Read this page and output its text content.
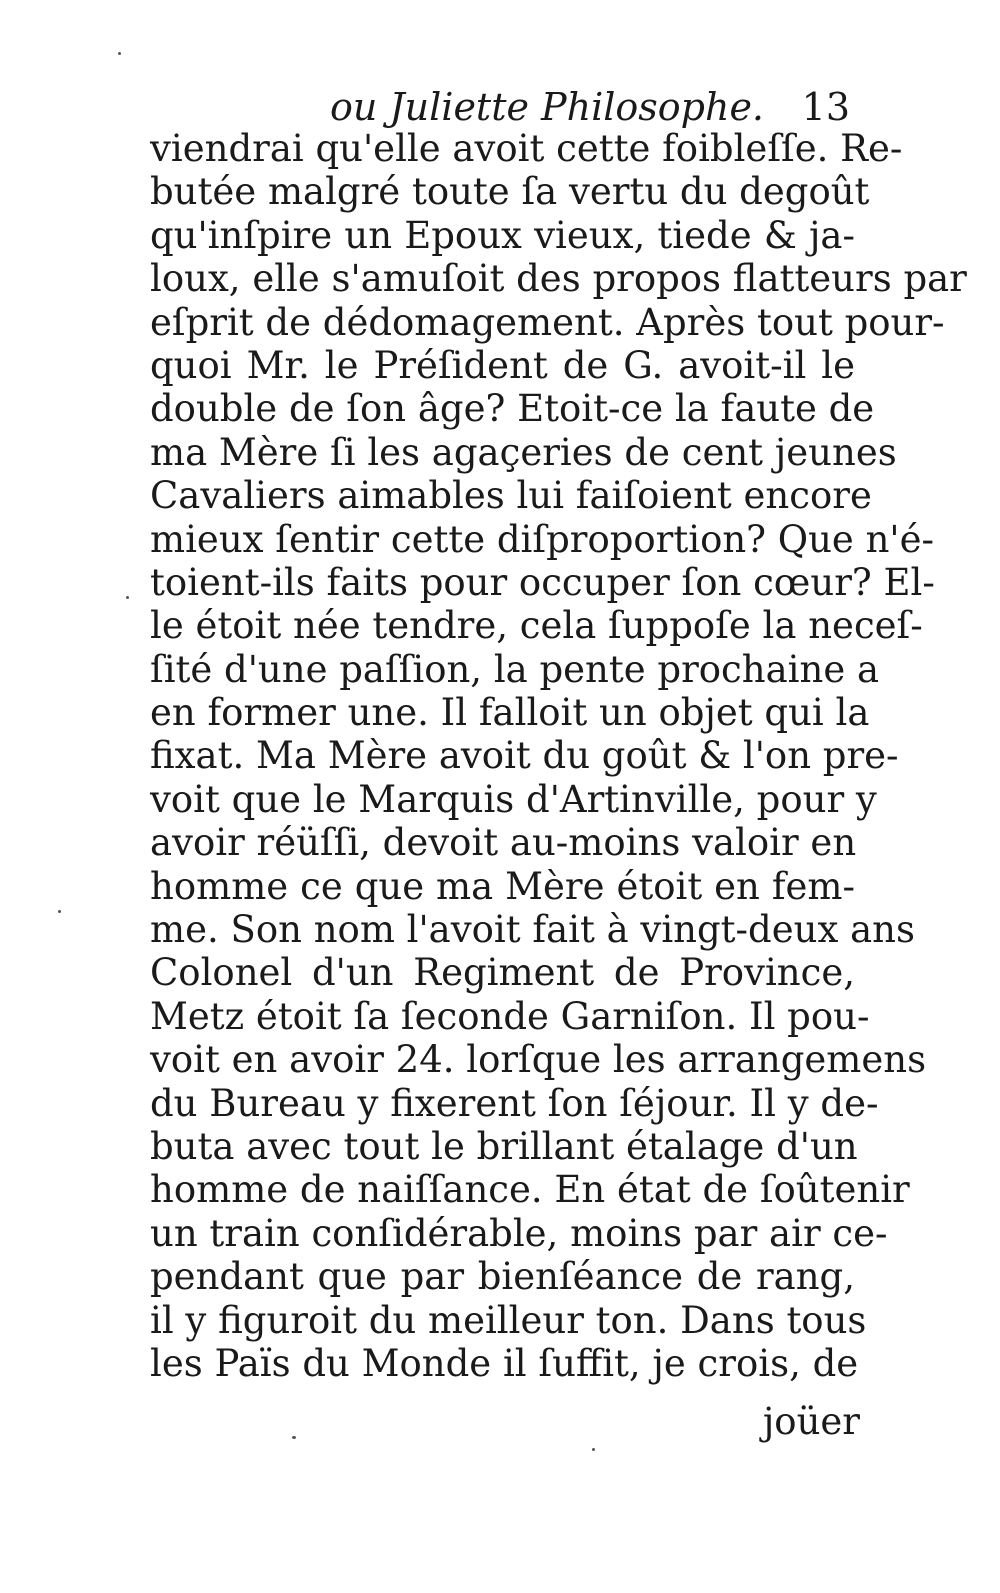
ou Juliette Philosophe. 13
viendrai qu'elle avoit cette foibleſſe. Re-
butée malgré toute ſa vertu du degoût
qu'inſpire un Epoux vieux, tiede & ja-
loux, elle s'amuſoit des propos flatteurs par
eſprit de dédomagement. Après tout pour-
quoi Mr. le Préſident de G. avoit-il le
double de ſon âge? Etoit-ce la faute de
ma Mère ſi les agaçeries de cent jeunes
Cavaliers aimables lui faiſoient encore
mieux ſentir cette diſproportion? Que n'é-
toient-ils faits pour occuper ſon cœur? El-
le étoit née tendre, cela ſuppoſe la neceſ-
ſité d'une paſſion, la pente prochaine a
en former une. Il falloit un objet qui la
fixat. Ma Mère avoit du goût & l'on pre-
voit que le Marquis d'Artinville, pour y
avoir réüſſi, devoit au-moins valoir en
homme ce que ma Mère étoit en fem-
me. Son nom l'avoit fait à vingt-deux ans
Colonel d'un Regiment de Province,
Metz étoit ſa ſeconde Garniſon. Il pou-
voit en avoir 24. lorſque les arrangemens
du Bureau y fixerent ſon ſéjour. Il y de-
buta avec tout le brillant étalage d'un
homme de naiſſance. En état de ſoûtenir
un train conſidérable, moins par air ce-
pendant que par bienſéance de rang,
il y figuroit du meilleur ton. Dans tous
les Païs du Monde il ſuffit, je crois, de
joüer
